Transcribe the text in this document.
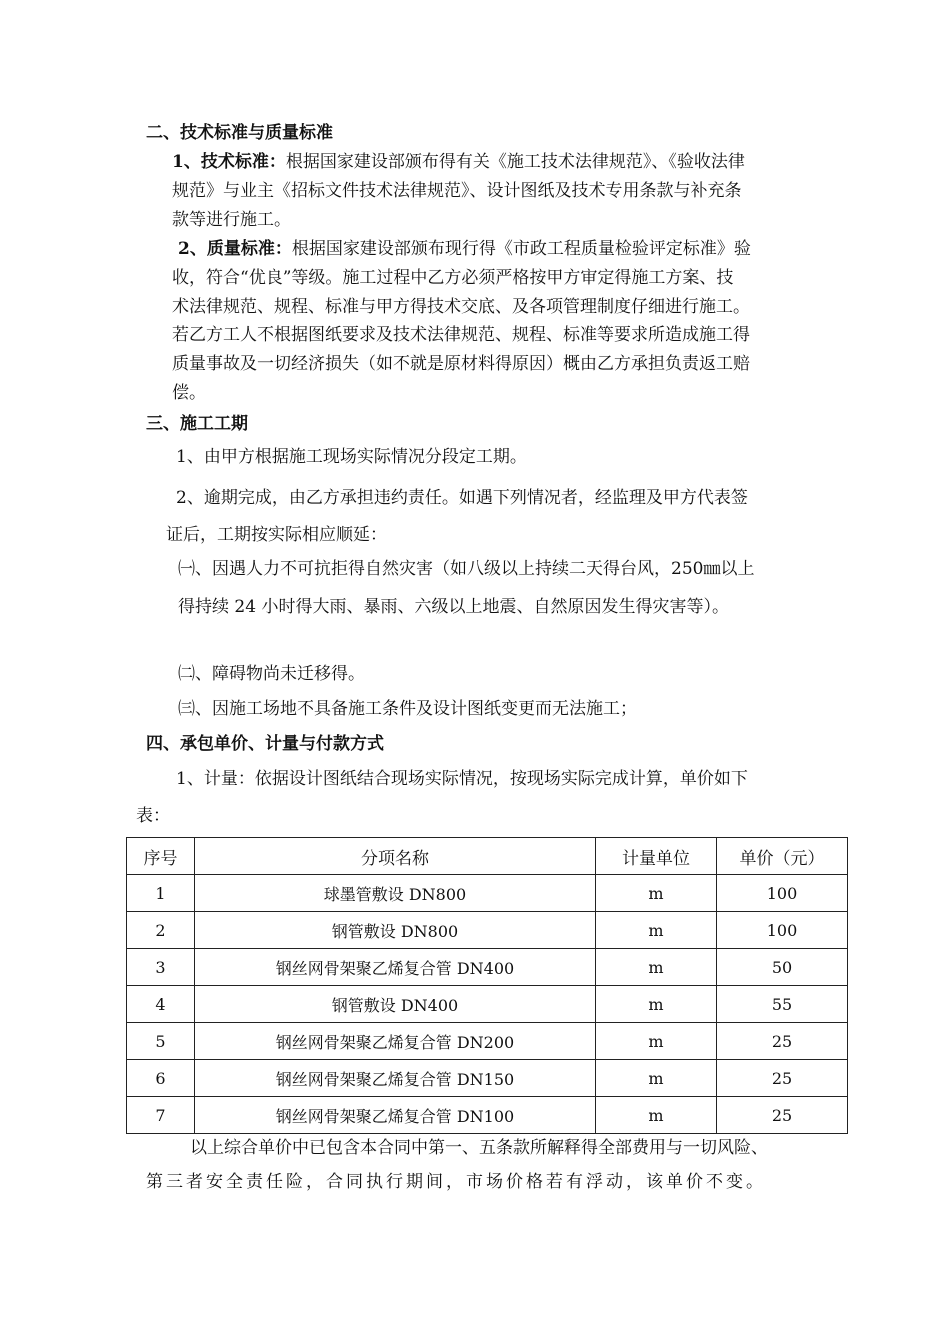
二、技术标准与质量标准
1、技术标准：根据国家建设部颁布得有关《施工技术法律规范》、《验收法律
规范》与业主《招标文件技术法律规范》、设计图纸及技术专用条款与补充条
款等进行施工。
2、质量标准：根据国家建设部颁布现行得《市政工程质量检验评定标准》验
收，符合“优良”等级。施工过程中乙方必须严格按甲方审定得施工方案、技
术法律规范、规程、标准与甲方得技术交底、及各项管理制度仔细进行施工。
若乙方工人不根据图纸要求及技术法律规范、规程、标准等要求所造成施工得
质量事故及一切经济损失（如不就是原材料得原因）概由乙方承担负责返工赔
偿。
三、施工工期
1、由甲方根据施工现场实际情况分段定工期。
2、逾期完成，由乙方承担违约责任。如遇下列情况者，经监理及甲方代表签
证后，工期按实际相应顺延：
㈠、因遇人力不可抗拒得自然灾害（如八级以上持续二天得台风，250㎜以上
得持续 24 小时得大雨、暴雨、六级以上地震、自然原因发生得灾害等）。
㈡、障碍物尚未迁移得。
㈢、因施工场地不具备施工条件及设计图纸变更而无法施工；
四、承包单价、计量与付款方式
1、计量：依据设计图纸结合现场实际情况，按现场实际完成计算，单价如下
表：
序号	分项名称	计量单位	单价（元）
1	球墨管敷设 DN800	m	100
2	钢管敷设 DN800	m	100
3	钢丝网骨架聚乙烯复合管 DN400	m	50
4	钢管敷设 DN400	m	55
5	钢丝网骨架聚乙烯复合管 DN200	m	25
6	钢丝网骨架聚乙烯复合管 DN150	m	25
7	钢丝网骨架聚乙烯复合管 DN100	m	25
以上综合单价中已包含本合同中第一、五条款所解释得全部费用与一切风险、
第三者安全责任险，合同执行期间，市场价格若有浮动，该单价不变。
